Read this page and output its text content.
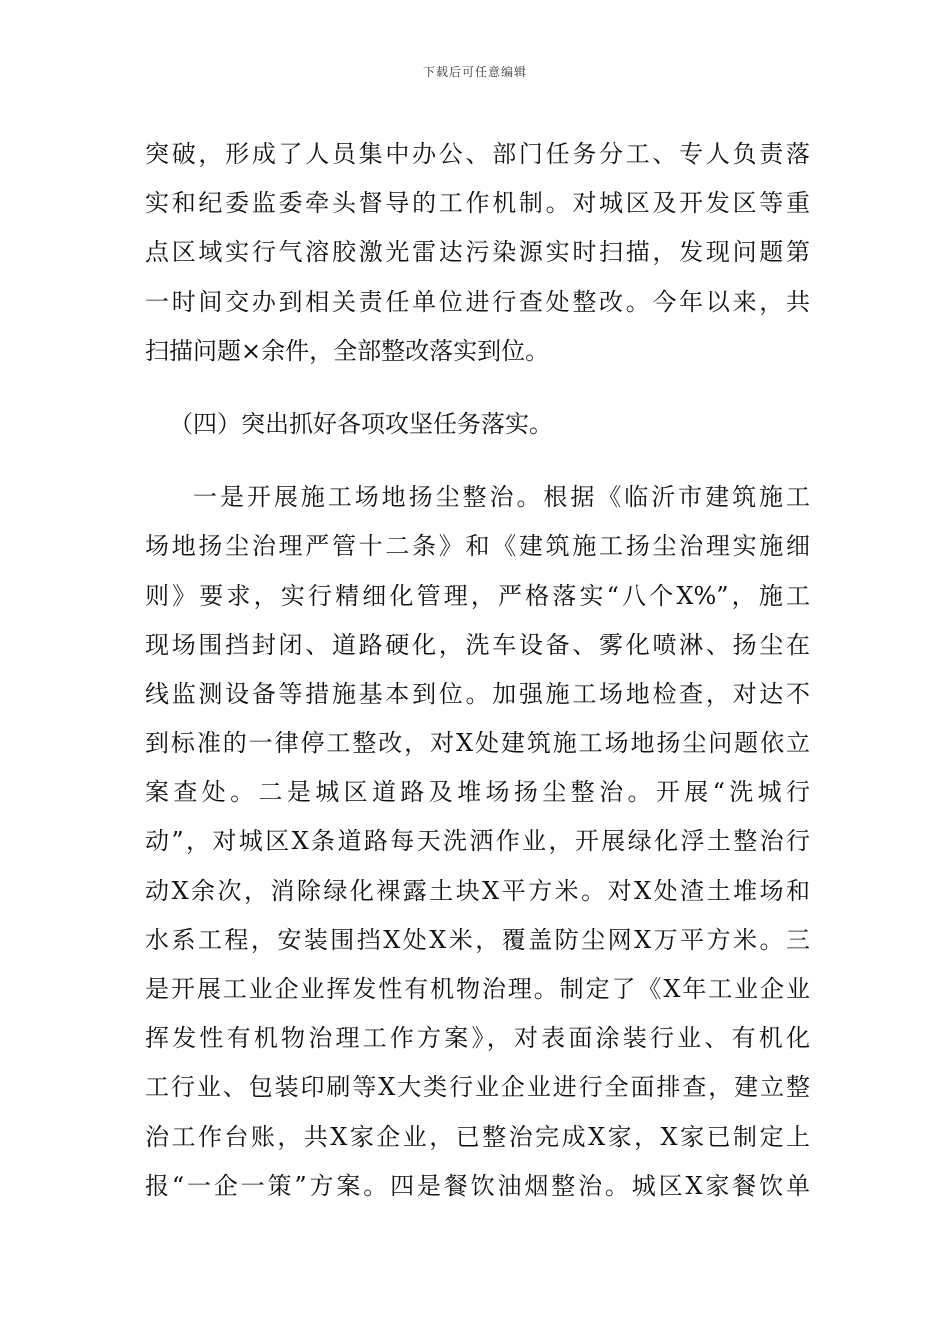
下载后可任意编辑
突破，形成了人员集中办公、部门任务分工、专人负责落
实和纪委监委牵头督导的工作机制。对城区及开发区等重
点区域实行气溶胶激光雷达污染源实时扫描，发现问题第
一时间交办到相关责任单位进行查处整改。今年以来，共
扫描问题×余件，全部整改落实到位。
（四）突出抓好各项攻坚任务落实。
一是开展施工场地扬尘整治。根据《临沂市建筑施工
场地扬尘治理严管十二条》和《建筑施工扬尘治理实施细
则》要求，实行精细化管理，严格落实“八个X%”，施工
现场围挡封闭、道路硬化，洗车设备、雾化喷淋、扬尘在
线监测设备等措施基本到位。加强施工场地检查，对达不
到标准的一律停工整改，对X处建筑施工场地扬尘问题依立
案查处。二是城区道路及堆场扬尘整治。开展“洗城行
动”，对城区X条道路每天洗洒作业，开展绿化浮土整治行
动X余次，消除绿化裸露土块X平方米。对X处渣土堆场和
水系工程，安装围挡X处X米，覆盖防尘网X万平方米。三
是开展工业企业挥发性有机物治理。制定了《X年工业企业
挥发性有机物治理工作方案》，对表面涂装行业、有机化
工行业、包装印刷等X大类行业企业进行全面排查，建立整
治工作台账，共X家企业，已整治完成X家，X家已制定上
报“一企一策”方案。四是餐饮油烟整治。城区X家餐饮单
